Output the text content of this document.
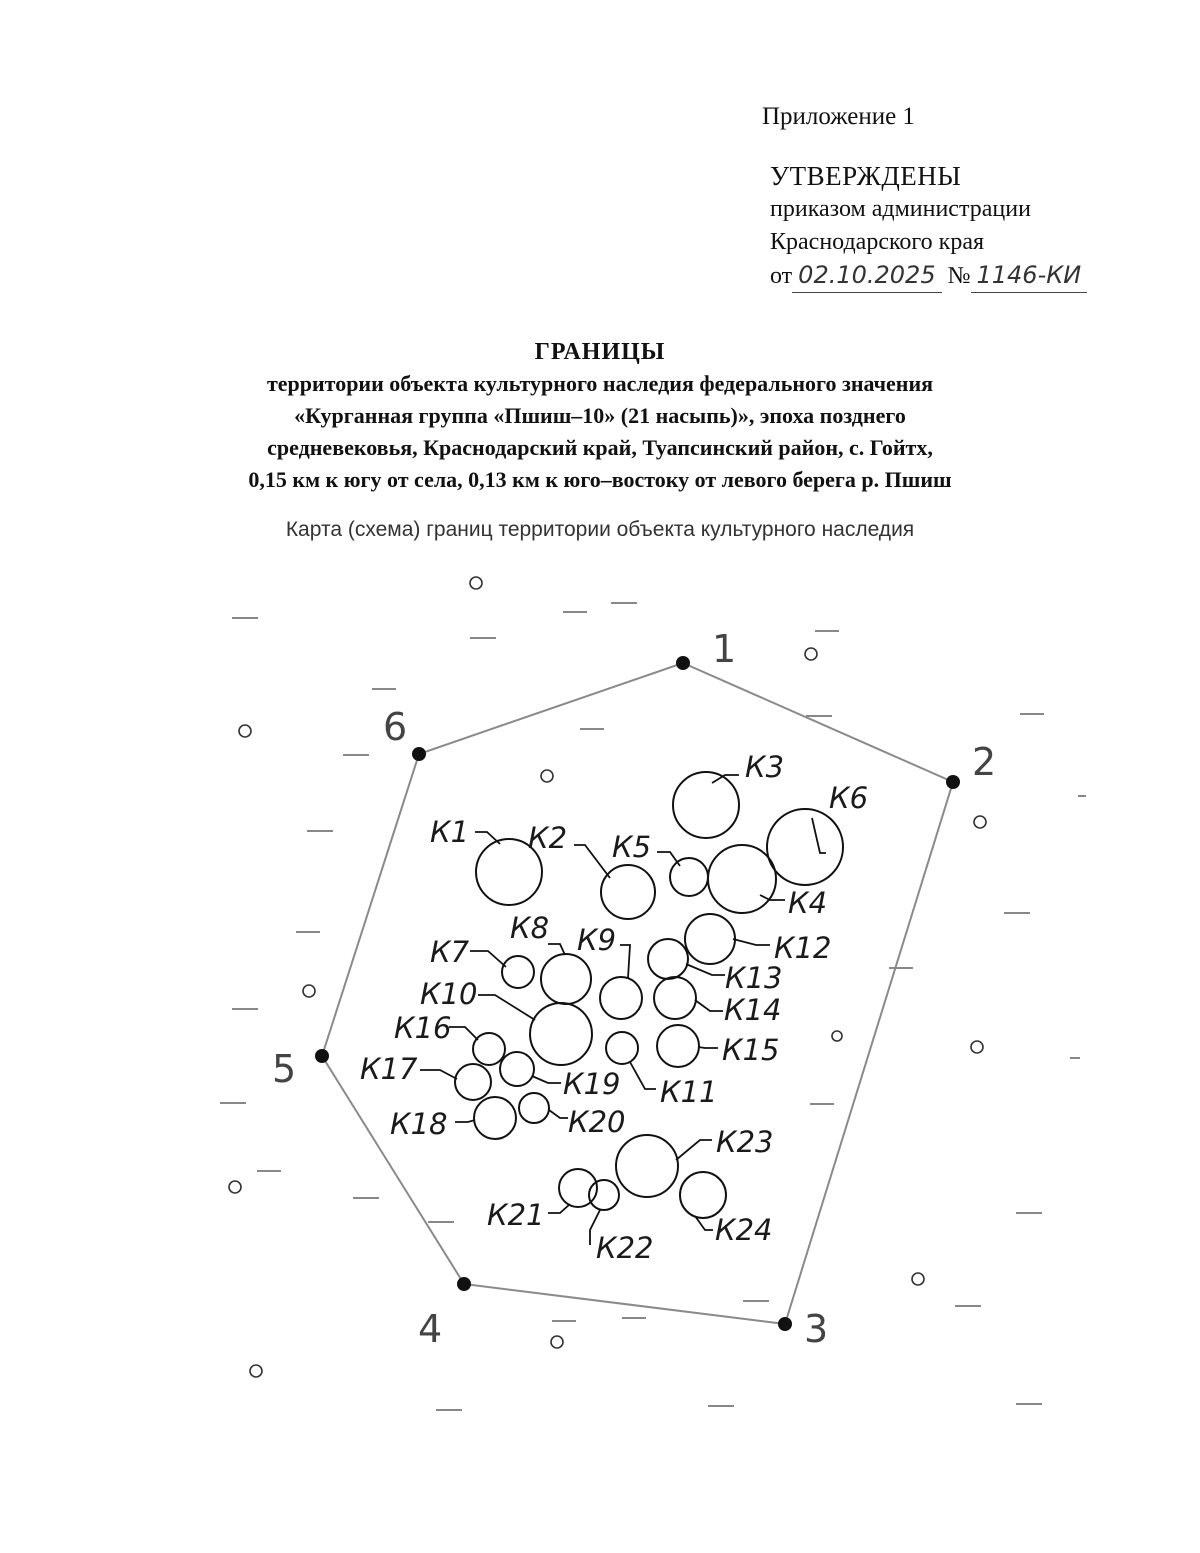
Приложение 1
УТВЕРЖДЕНЫ
приказом администрации
Краснодарского края
от 02.10.2025 № 1146-КИ
ГРАНИЦЫ
территории объекта культурного наследия федерального значения
«Курганная группа «Пшиш–10» (21 насыпь)», эпоха позднего
средневековья, Краснодарский край, Туапсинский район, с. Гойтх,
0,15 км к югу от села, 0,13 км к юго–востоку от левого берега р. Пшиш
Карта (схема) границ территории объекта культурного наследия
1
2
3
4
5
6
К1 К2
К3
К4
К5
К6
К7
К8 К9
К10
К11
К12
К13
К14
К15
К16
К17
К18
К19
К20
К21
К22
К23
К24
